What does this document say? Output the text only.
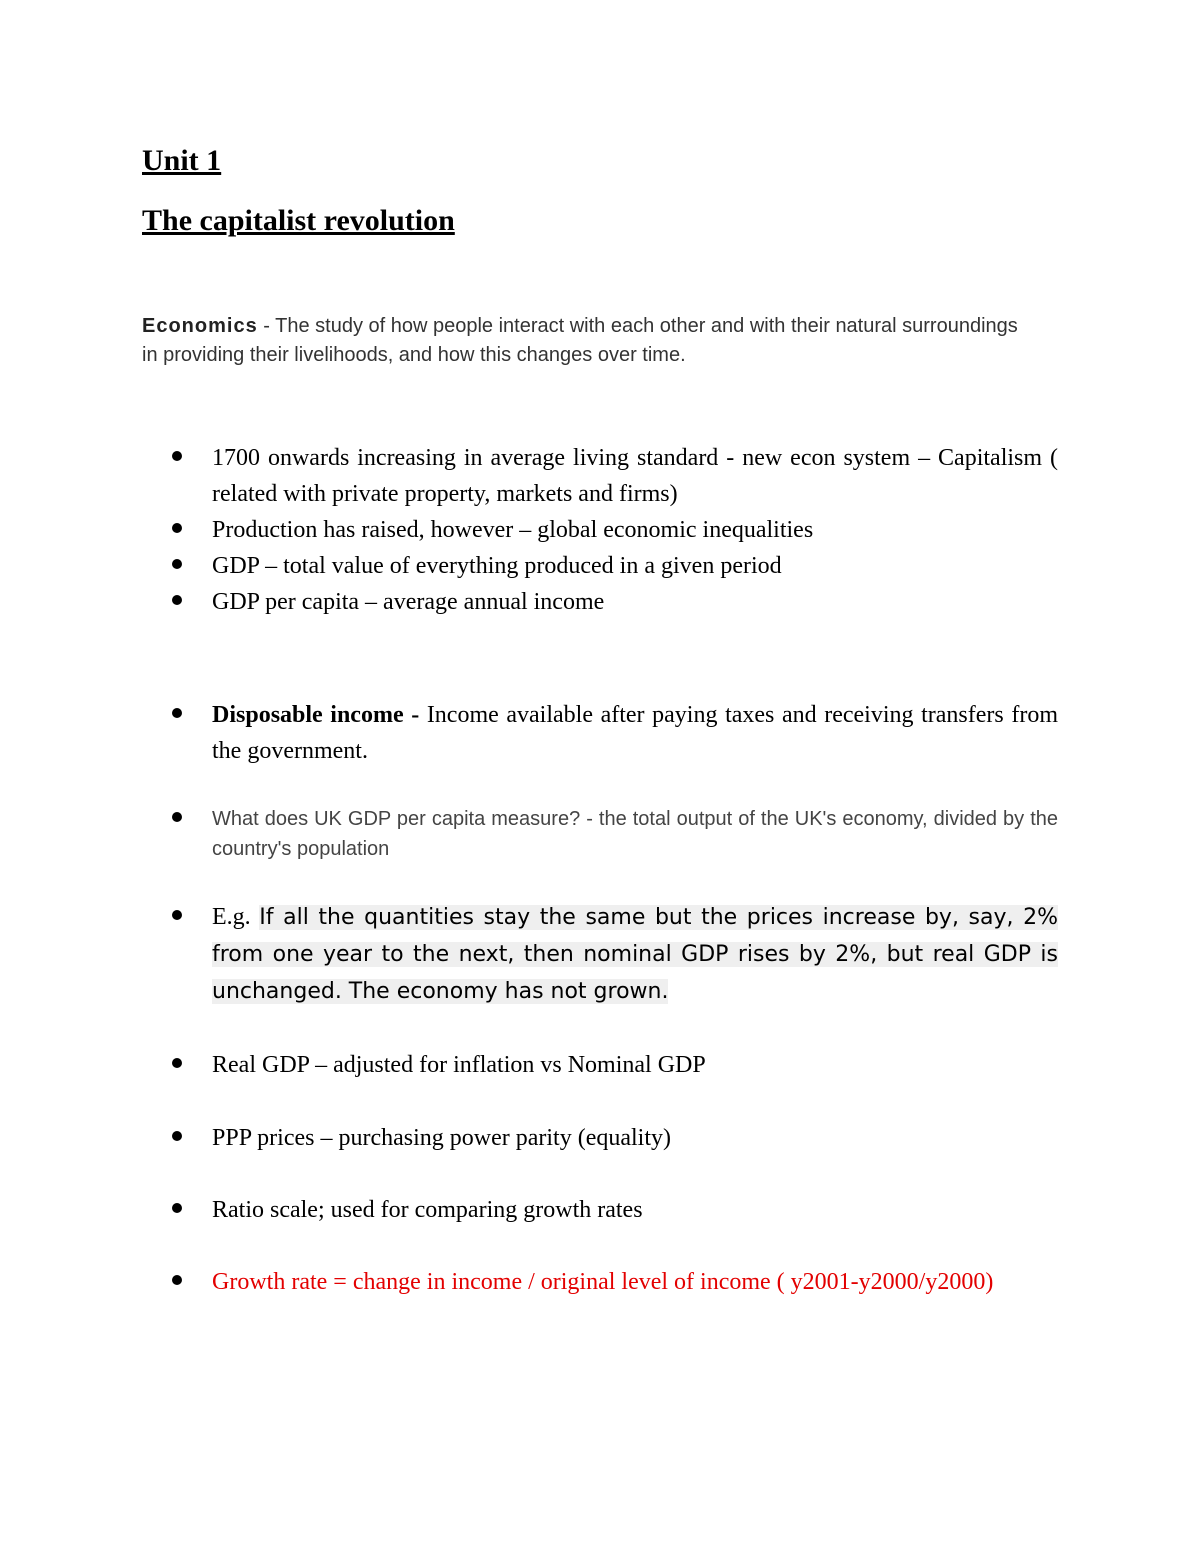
Unit 1
The capitalist revolution

Economics - The study of how people interact with each other and with their natural surroundings in providing their livelihoods, and how this changes over time.

1700 onwards increasing in average living standard - new econ system – Capitalism ( related with private property, markets and firms)
Production has raised, however – global economic inequalities
GDP – total value of everything produced in a given period
GDP per capita – average annual income
Disposable income - Income available after paying taxes and receiving transfers from the government.
What does UK GDP per capita measure? - the total output of the UK's economy, divided by the country's population
E.g. If all the quantities stay the same but the prices increase by, say, 2% from one year to the next, then nominal GDP rises by 2%, but real GDP is unchanged. The economy has not grown.
Real GDP – adjusted for inflation vs Nominal GDP
PPP prices – purchasing power parity (equality)
Ratio scale; used for comparing growth rates
Growth rate = change in income / original level of income ( y2001-y2000/y2000)
